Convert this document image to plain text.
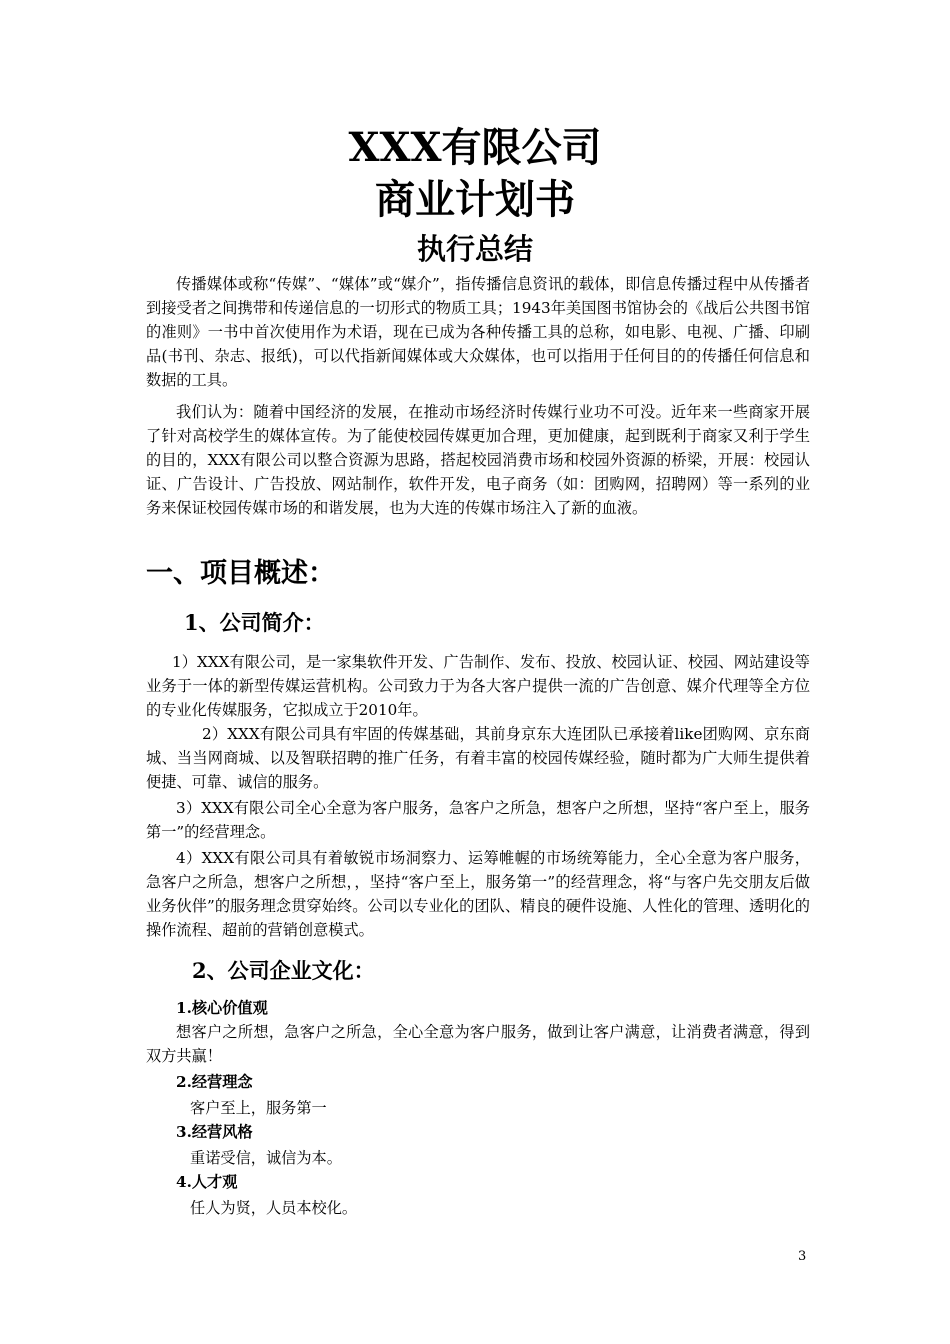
XXX有限公司
商业计划书
执行总结

传播媒体或称“传媒”、“媒体”或“媒介”，指传播信息资讯的载体，即信息传播过程中从传播者到接受者之间携带和传递信息的一切形式的物质工具；1943年美国图书馆协会的《战后公共图书馆的准则》一书中首次使用作为术语，现在已成为各种传播工具的总称，如电影、电视、广播、印刷品(书刊、杂志、报纸)，可以代指新闻媒体或大众媒体，也可以指用于任何目的的传播任何信息和数据的工具。

我们认为：随着中国经济的发展，在推动市场经济时传媒行业功不可没。近年来一些商家开展了针对高校学生的媒体宣传。为了能使校园传媒更加合理，更加健康，起到既利于商家又利于学生的目的，XXX有限公司以整合资源为思路，搭起校园消费市场和校园外资源的桥梁，开展：校园认证、广告设计、广告投放、网站制作，软件开发，电子商务（如：团购网，招聘网）等一系列的业务来保证校园传媒市场的和谐发展，也为大连的传媒市场注入了新的血液。

一、项目概述：
1、公司简介：

1）XXX有限公司，是一家集软件开发、广告制作、发布、投放、校园认证、校园、网站建设等业务于一体的新型传媒运营机构。公司致力于为各大客户提供一流的广告创意、媒介代理等全方位的专业化传媒服务，它拟成立于2010年。

2）XXX有限公司具有牢固的传媒基础，其前身京东大连团队已承接着like团购网、京东商城、当当网商城、以及智联招聘的推广任务，有着丰富的校园传媒经验，随时都为广大师生提供着便捷、可靠、诚信的服务。

3）XXX有限公司全心全意为客户服务，急客户之所急，想客户之所想，坚持“客户至上，服务第一”的经营理念。

4）XXX有限公司具有着敏锐市场洞察力、运筹帷幄的市场统筹能力，全心全意为客户服务，急客户之所急，想客户之所想，，坚持“客户至上，服务第一”的经营理念，将“与客户先交朋友后做业务伙伴”的服务理念贯穿始终。公司以专业化的团队、精良的硬件设施、人性化的管理、透明化的操作流程、超前的营销创意模式。

2、公司企业文化：

1.核心价值观

想客户之所想，急客户之所急，全心全意为客户服务，做到让客户满意，让消费者满意，得到双方共赢！

2.经营理念

客户至上，服务第一

3.经营风格

重诺受信，诚信为本。

4.人才观

任人为贤，人员本校化。

3
